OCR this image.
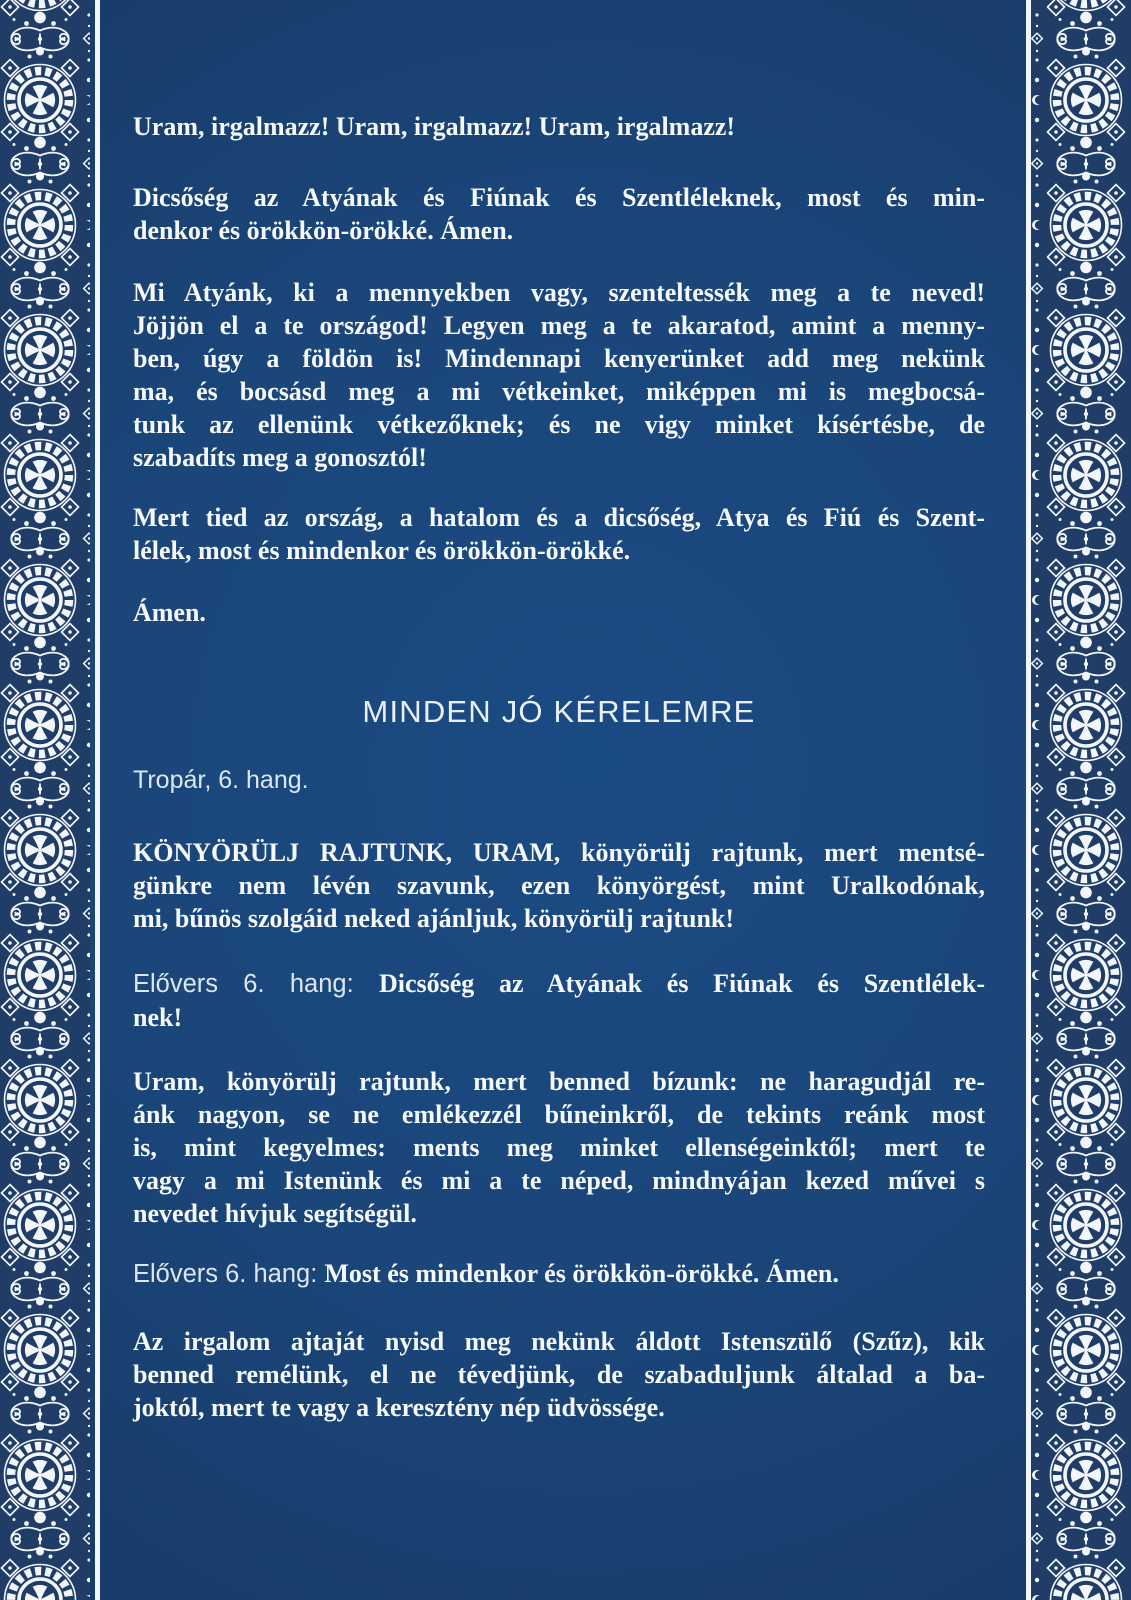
Uram, irgalmazz! Uram, irgalmazz! Uram, irgalmazz!
Dicsőség az Atyának és Fiúnak és Szentléleknek, most és min-
denkor és örökkön-örökké. Ámen.
Mi Atyánk, ki a mennyekben vagy, szenteltessék meg a te neved!
Jöjjön el a te országod! Legyen meg a te akaratod, amint a menny-
ben, úgy a földön is! Mindennapi kenyerünket add meg nekünk
ma, és bocsásd meg a mi vétkeinket, miképpen mi is megbocsá-
tunk az ellenünk vétkezőknek; és ne vigy minket kísértésbe, de
szabadíts meg a gonosztól!
Mert tied az ország, a hatalom és a dicsőség, Atya és Fiú és Szent-
lélek, most és mindenkor és örökkön-örökké.
Ámen.
MINDEN JÓ KÉRELEMRE
Tropár, 6. hang.
KÖNYÖRÜLJ RAJTUNK, URAM, könyörülj rajtunk, mert mentsé-
günkre nem lévén szavunk, ezen könyörgést, mint Uralkodónak,
mi, bűnös szolgáid neked ajánljuk, könyörülj rajtunk!
Elővers 6. hang: Dicsőség az Atyának és Fiúnak és Szentlélek-
nek!
Uram, könyörülj rajtunk, mert benned bízunk: ne haragudjál re-
ánk nagyon, se ne emlékezzél bűneinkről, de tekints reánk most
is, mint kegyelmes: ments meg minket ellenségeinktől; mert te
vagy a mi Istenünk és mi a te néped, mindnyájan kezed művei s
nevedet hívjuk segítségül.
Elővers 6. hang: Most és mindenkor és örökkön-örökké. Ámen.
Az irgalom ajtaját nyisd meg nekünk áldott Istenszülő (Szűz), kik
benned remélünk, el ne tévedjünk, de szabaduljunk általad a ba-
joktól, mert te vagy a keresztény nép üdvössége.
